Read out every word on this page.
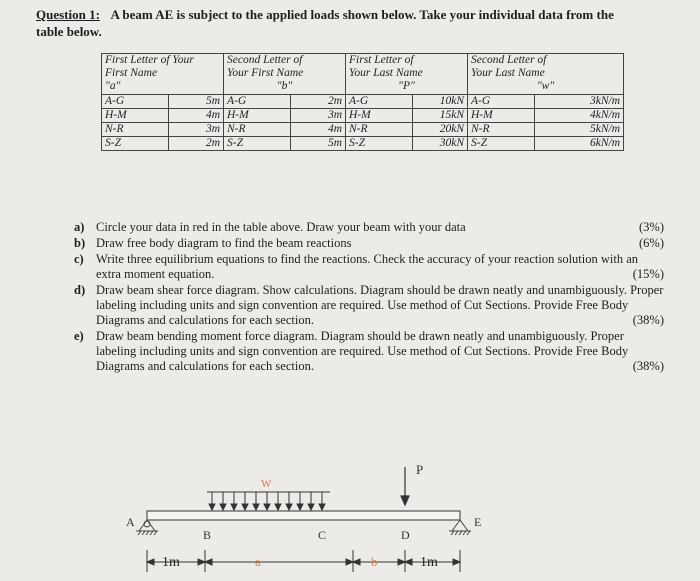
Question 1: A beam AE is subject to the applied loads shown below. Take your individual data from the
table below.
First Letter of Your
First Name
"a"		Second Letter of
Your First Name
"b"		First Letter of
Your Last Name
"P"		Second Letter of
Your Last Name
"w"	

A-G	5m	A-G	2m	A-G	10kN	A-G	3kN/m
H-M	4m	H-M	3m	H-M	15kN	H-M	4kN/m
N-R	3m	N-R	4m	N-R	20kN	N-R	5kN/m
S-Z	2m	S-Z	5m	S-Z	30kN	S-Z	6kN/m
a)	(3%)
Circle your data in red in the table above. Draw your beam with your data
b)	(6%)
Draw free body diagram to find the beam reactions
c) Write three equilibrium equations to find the reactions. Check the accuracy of your reaction solution with an extra moment equation.	(15%)
d) Draw beam shear force diagram. Show calculations. Diagram should be drawn neatly and unambiguously. Proper labeling including units and sign convention are required. Use method of Cut Sections. Provide Free Body Diagrams and calculations for each section.	(38%)
e) Draw beam bending moment force diagram. Diagram should be drawn neatly and unambiguously. Proper labeling including units and sign convention are required. Use method of Cut Sections. Provide Free Body Diagrams and calculations for each section.	(38%)
W
P
A
B	C	D
E
1m	a	b	1m
